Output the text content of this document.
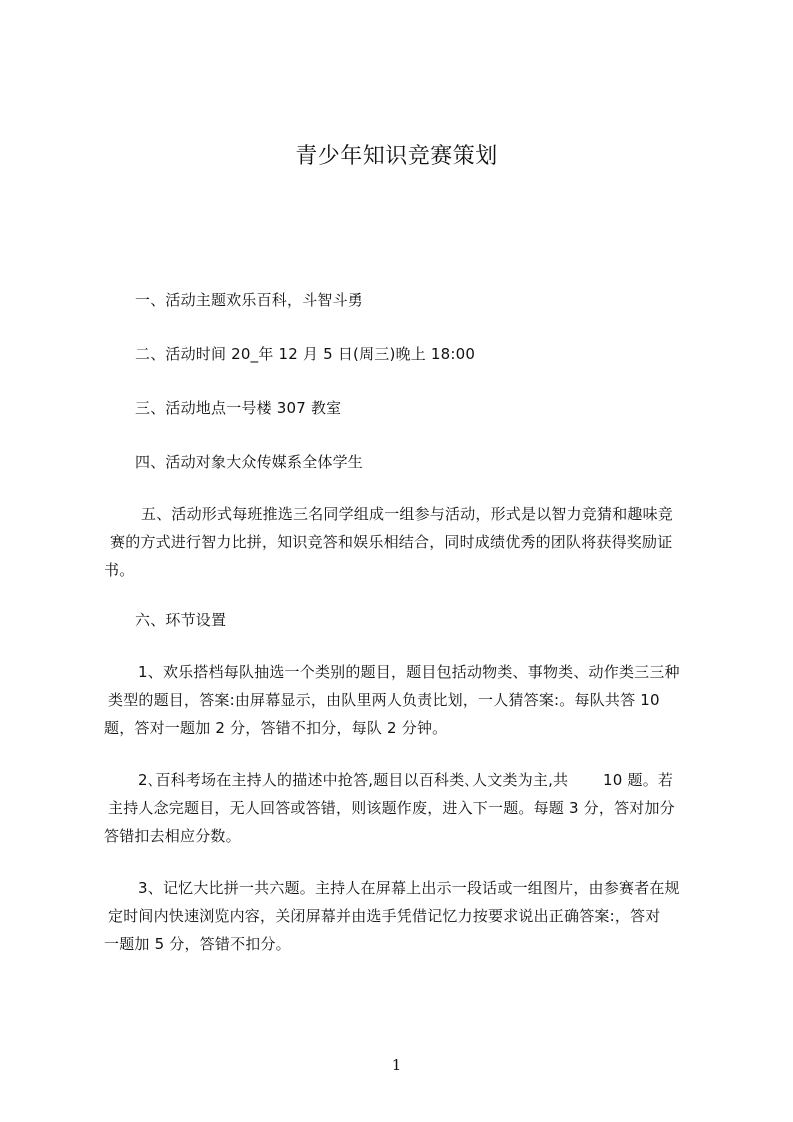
青少年知识竞赛策划
一、活动主题欢乐百科，斗智斗勇
二、活动时间 20_年 12 月 5 日(周三)晚上 18:00
三、活动地点一号楼 307 教室
四、活动对象大众传媒系全体学生
五、活动形式每班推选三名同学组成一组参与活动，形式是以智力竞猜和趣味竞
赛的方式进行智力比拼，知识竞答和娱乐相结合，同时成绩优秀的团队将获得奖励证
书。
六、环节设置
1、欢乐搭档每队抽选一个类别的题目，题目包括动物类、事物类、动作类三三种
类型的题目，答案:由屏幕显示，由队里两人负责比划，一人猜答案:。每队共答 10
题，答对一题加 2 分，答错不扣分，每队 2 分钟。
2､百科考场在主持人的描述中抢答,题目以百科类､人文类为主,共       10 题。若
主持人念完题目，无人回答或答错，则该题作废，进入下一题。每题 3 分，答对加分
答错扣去相应分数。
3、记忆大比拼一共六题。主持人在屏幕上出示一段话或一组图片，由参赛者在规
定时间内快速浏览内容，关闭屏幕并由选手凭借记忆力按要求说出正确答案:，答对
一题加 5 分，答错不扣分。
1
